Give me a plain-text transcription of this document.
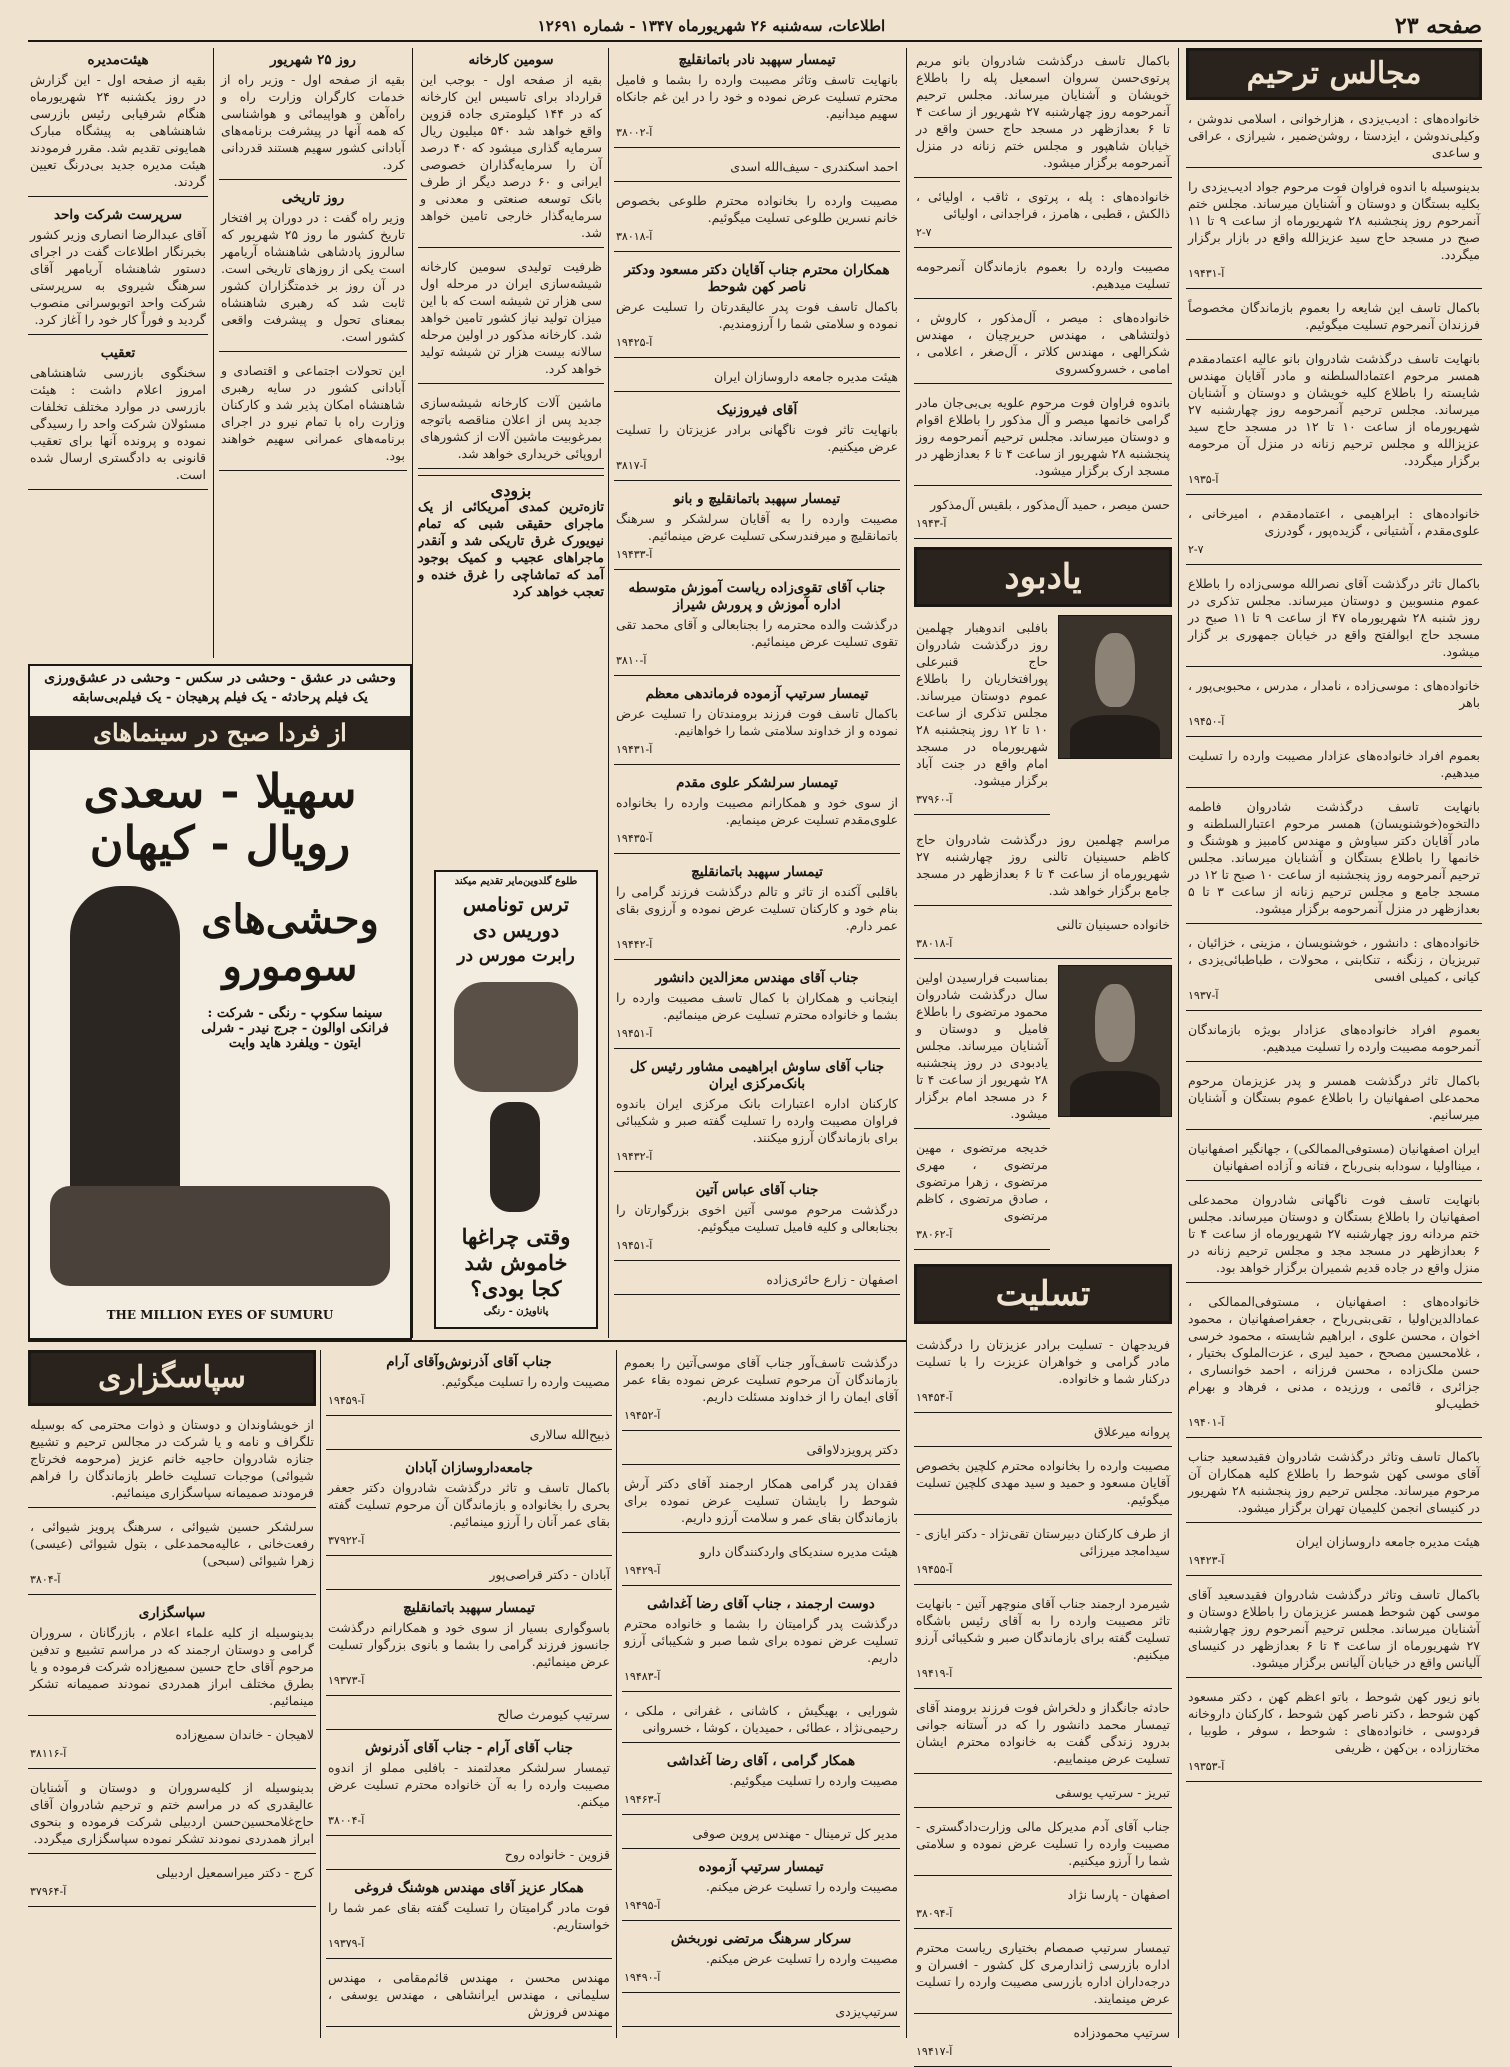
صفحه ۲۳
اطلاعات، سه‌شنبه ۲۶ شهریورماه ۱۳۴۷ - شماره ۱۲۶۹۱
مجالس ترحیم
خانواده‌های : ادیب‌یزدی ، هزارخوانی ، اسلامی ندوشن ، وکیلی‌ندوشن ، ایزدستا ، روشن‌ضمیر ، شیرازی ، عراقی و ساعدی
بدینوسیله با اندوه فراوان فوت مرحوم جواد ادیب‌یزدی را بکلیه بستگان و دوستان و آشنایان میرساند. مجلس ختم آنمرحوم روز پنجشنبه ۲۸ شهریورماه از ساعت ۹ تا ۱۱ صبح در مسجد حاج سید عزیزالله واقع در بازار برگزار میگردد.
آ-۱۹۴۳۱
باکمال تاسف این شایعه را بعموم بازماندگان مخصوصاً فرزندان آنمرحوم تسلیت میگوئیم.
بانهایت تاسف درگذشت شادروان بانو عالیه اعتمادمقدم همسر مرحوم اعتمادالسلطنه و مادر آقایان مهندس شایسته را باطلاع کلیه خویشان و دوستان و آشنایان میرساند. مجلس ترحیم آنمرحومه روز چهارشنبه ۲۷ شهریورماه از ساعت ۱۰ تا ۱۲ در مسجد حاج سید عزیزالله و مجلس ترحیم زنانه در منزل آن مرحومه برگزار میگردد.
آ-۱۹۳۵
خانواده‌های : ابراهیمی ، اعتمادمقدم ، امیرخانی ، علوی‌مقدم ، آشتیانی ، گزیده‌پور ، گودرزی
۲-۷
باکمال تاثر درگذشت آقای نصرالله موسی‌زاده را باطلاع عموم منسوبین و دوستان میرساند. مجلس تذکری در روز شنبه ۲۸ شهریورماه ۴۷ از ساعت ۹ تا ۱۱ صبح در مسجد حاج ابوالفتح واقع در خیابان جمهوری بر گزار میشود.
خانواده‌های : موسی‌زاده ، نامدار ، مدرس ، محبوبی‌پور ، باهر
آ-۱۹۴۵۰
بعموم افراد خانواده‌های عزادار مصیبت وارده را تسلیت میدهیم.
بانهایت تاسف درگذشت شادروان فاطمه دالتخوه(خوشنویسان) همسر مرحوم اعتبارالسلطنه و مادر آقایان دکتر سیاوش و مهندس کامبیز و هوشنگ و خانمها را باطلاع بستگان و آشنایان میرساند. مجلس ترحیم آنمرحومه روز پنجشنبه از ساعت ۱۰ صبح تا ۱۲ در مسجد جامع و مجلس ترحیم زنانه از ساعت ۳ تا ۵ بعدازظهر در منزل آنمرحومه برگزار میشود.
خانواده‌های : دانشور ، خوشنویسان ، مزینی ، خزائیان ، تبریزیان ، زنگنه ، تنکابنی ، محولات ، طباطبائی‌یزدی ، کیانی ، کمیلی افسی
آ-۱۹۳۷
بعموم افراد خانواده‌های عزادار بویژه بازماندگان آنمرحومه مصیبت وارده را تسلیت میدهیم.
باکمال تاثر درگذشت همسر و پدر عزیزمان مرحوم محمدعلی اصفهانیان را باطلاع عموم بستگان و آشنایان میرسانیم.
ایران اصفهانیان (مستوفی‌الممالکی) ، جهانگیر اصفهانیان ، مینااولیا ، سودابه بنی‌رباح ، فتانه و آزاده اصفهانیان
بانهایت تاسف فوت ناگهانی شادروان محمدعلی اصفهانیان را باطلاع بستگان و دوستان میرساند. مجلس ختم مردانه روز چهارشنبه ۲۷ شهریورماه از ساعت ۴ تا ۶ بعدازظهر در مسجد مجد و مجلس ترحیم زنانه در منزل واقع در جاده قدیم شمیران برگزار خواهد بود.
خانواده‌های : اصفهانیان ، مستوفی‌الممالکی ، عمادالدین‌اولیا ، تقی‌بنی‌رباح ، جعفراصفهانیان ، محمود اخوان ، محسن علوی ، ابراهیم شایسته ، محمود خرسی ، غلامحسین مصحح ، حمید لیری ، عزت‌الملوک بختیار ، حسن ملک‌زاده ، محسن فرزانه ، احمد خوانساری ، جزائری ، قائمی ، ورزیده ، مدنی ، فرهاد و بهرام خطیب‌لو
آ-۱۹۴۰۱
باکمال تاسف وتاثر درگذشت شادروان فقیدسعید جناب آقای موسی کهن شوحط را باطلاع کلیه همکاران آن مرحوم میرساند. مجلس ترحیم روز پنجشنبه ۲۸ شهریور در کنیسای انجمن کلیمیان تهران برگزار میشود.
هیئت مدیره جامعه داروسازان ایران
آ-۱۹۴۲۳
باکمال تاسف وتاثر درگذشت شادروان فقیدسعید آقای موسی کهن شوحط همسر عزیزمان را باطلاع دوستان و آشنایان میرساند. مجلس ترحیم آنمرحوم روز چهارشنبه ۲۷ شهریورماه از ساعت ۴ تا ۶ بعدازظهر در کنیسای آلیانس واقع در خیابان آلیانس برگزار میشود.
بانو زیور کهن شوحط ، باتو اعظم کهن ، دکتر مسعود کهن شوحط ، دکتر ناصر کهن شوحط ، کارکنان داروخانه فردوسی ، خانواده‌های : شوحط ، سوفر ، طوبیا ، مختارزاده ، بن‌کهن ، ظریفی
آ-۱۹۳۵۳
باکمال تاسف درگذشت شادروان بانو مریم پرتوی‌حسن سروان اسمعیل پله را باطلاع خویشان و آشنایان میرساند. مجلس ترحیم آنمرحومه روز چهارشنبه ۲۷ شهریور از ساعت ۴ تا ۶ بعدازظهر در مسجد حاج حسن واقع در خیابان شاهپور و مجلس ختم زنانه در منزل آنمرحومه برگزار میشود.
خانواده‌های : پله ، پرتوی ، ثاقب ، اولیائی ، ذالکش ، قطبی ، هامرز ، فراجدانی ، اولیائی
۲-۷
مصیبت وارده را بعموم بازماندگان آنمرحومه تسلیت میدهیم.
خانواده‌های : میصر ، آل‌مذکور ، کاروش ، ذولتشاهی ، مهندس حریرچیان ، مهندس شکرالهی ، مهندس کلاتر ، آل‌صغر ، اعلامی ، امامی ، خسروکسروی
باندوه فراوان فوت مرحوم علویه بی‌بی‌جان مادر گرامی خانمها میصر و آل مذکور را باطلاع اقوام و دوستان میرساند. مجلس ترحیم آنمرحومه روز پنجشنبه ۲۸ شهریور از ساعت ۴ تا ۶ بعدازظهر در مسجد ارک برگزار میشود.
حسن میصر ، حمید آل‌مذکور ، بلقیس آل‌مذکور
آ-۱۹۴۳
یادبود
بافلبی اندوهبار چهلمین روز درگذشت شادروان حاج قنبرعلی پورافتخاریان را باطلاع عموم دوستان میرساند. مجلس تذکری از ساعت ۱۰ تا ۱۲ روز پنجشنبه ۲۸ شهریورماه در مسجد امام واقع در جنت آباد برگزار میشود.
آ-۳۷۹۶۰
مراسم چهلمین روز درگذشت شادروان حاج کاظم حسینیان تالنی روز چهارشنبه ۲۷ شهریورماه از ساعت ۴ تا ۶ بعدازظهر در مسجد جامع برگزار خواهد شد.
خانواده حسینیان تالنی
آ-۳۸۰۱۸
بمناسبت فرارسیدن اولین سال درگذشت شادروان محمود مرتضوی را باطلاع فامیل و دوستان و آشنایان میرساند. مجلس یادبودی در روز پنجشنبه ۲۸ شهریور از ساعت ۴ تا ۶ در مسجد امام برگزار میشود.
خدیجه مرتضوی ، مهین مرتضوی ، مهری مرتضوی ، زهرا مرتضوی ، صادق مرتضوی ، کاظم مرتضوی
آ-۳۸۰۶۲
تسلیت
فریدجهان - تسلیت برادر عزیزتان را درگذشت مادر گرامی و خواهران عزیزت را با تسلیت درکنار شما و خانواده.
آ-۱۹۴۵۴
پروانه میرعلاق
مصیبت وارده را بخانواده محترم کلچین بخصوص آقایان مسعود و حمید و سید مهدی کلچین تسلیت میگوئیم.
از طرف کارکنان دبیرستان تقی‌نژاد - دکتر ایازی - سیدامجد میرزائی
آ-۱۹۴۵۵
شیرمرد ارجمند جناب آقای منوچهر آتین - بانهایت تاثر مصیبت وارده را به آقای رئیس باشگاه تسلیت گفته برای بازماندگان صبر و شکیبائی آرزو میکنیم.
آ-۱۹۴۱۹
حادثه جانگداز و دلخراش فوت فرزند برومند آقای تیمسار محمد دانشور را که در آستانه جوانی بدرود زندگی گفت به خانواده محترم ایشان تسلیت عرض مینماییم.
تبریز - سرتیپ یوسفی
جناب آقای آدم مدیرکل مالی وزارت‌دادگستری - مصیبت وارده را تسلیت عرض نموده و سلامتی شما را آرزو میکنیم.
اصفهان - پارسا نژاد
آ-۳۸۰۹۴
تیمسار سرتیپ صمصام بختیاری ریاست محترم اداره بازرسی ژاندارمری کل کشور - افسران و درجه‌داران اداره بازرسی مصیبت وارده را تسلیت عرض مینمایند.
سرتیپ محمودزاده
آ-۱۹۴۱۷
تیمسار سپهبد نادر باتمانقلیچ
بانهایت تاسف وتاثر مصیبت وارده را بشما و فامیل محترم تسلیت عرض نموده و خود را در این غم جانکاه سهیم میدانیم.
آ-۳۸۰۰۲
احمد اسکندری - سیف‌الله اسدی
مصیبت وارده را بخانواده محترم طلوعی بخصوص خانم نسرین طلوعی تسلیت میگوئیم.
آ-۳۸۰۱۸
همکاران محترم جناب آقایان دکتر مسعود ودکتر ناصر کهن شوحط
باکمال تاسف فوت پدر عالیقدرتان را تسلیت عرض نموده و سلامتی شما را آرزومندیم.
آ-۱۹۴۲۵
هیئت مدیره جامعه داروسازان ایران
آقای فیروزنیک
بانهایت تاثر فوت ناگهانی برادر عزیزتان را تسلیت عرض میکنیم.
آ-۳۸۱۷
تیمسار سپهبد باتمانقلیچ و بانو
مصیبت وارده را به آقایان سرلشکر و سرهنگ باتمانقلیچ و میرفندرسکی تسلیت عرض مینمائیم.
آ-۱۹۴۳۳
جناب آقای تقوی‌زاده ریاست آموزش متوسطه اداره آموزش و پرورش شیراز
درگذشت والده محترمه را بجنابعالی و آقای محمد تقی تقوی تسلیت عرض مینمائیم.
آ-۳۸۱۰
تیمسار سرتیپ آزموده فرماندهی معظم
باکمال تاسف فوت فرزند برومندتان را تسلیت عرض نموده و از خداوند سلامتی شما را خواهانیم.
آ-۱۹۴۳۱
تیمسار سرلشکر علوی مقدم
از سوی خود و همکارانم مصیبت وارده را بخانواده علوی‌مقدم تسلیت عرض مینمایم.
آ-۱۹۴۳۵
تیمسار سپهبد باتمانقلیچ
باقلبی آکنده از تاثر و تالم درگذشت فرزند گرامی را بنام خود و کارکنان تسلیت عرض نموده و آرزوی بقای عمر دارم.
آ-۱۹۴۴۲
جناب آقای مهندس معزالدین دانشور
اینجانب و همکاران با کمال تاسف مصیبت وارده را بشما و خانواده محترم تسلیت عرض مینمائیم.
آ-۱۹۴۵۱
جناب آقای ساوش ابراهیمی مشاور رئیس کل بانک‌مرکزی ایران
کارکنان اداره اعتبارات بانک مرکزی ایران باندوه فراوان مصیبت وارده را تسلیت گفته صبر و شکیبائی برای بازماندگان آرزو میکنند.
آ-۱۹۴۳۲
جناب آقای عباس آتین
درگذشت مرحوم موسی آتین اخوی بزرگوارتان را بجنابعالی و کلیه فامیل تسلیت میگوئیم.
آ-۱۹۴۵۱
اصفهان - زارع حائری‌زاده
سومین کارخانه
بقیه از صفحه اول - بوجب این قرارداد برای تاسیس این کارخانه که در ۱۴۴ کیلومتری جاده قزوین واقع خواهد شد ۵۴۰ میلیون ریال سرمایه گذاری میشود که ۴۰ درصد آن را سرمایه‌گذاران خصوصی ایرانی و ۶۰ درصد دیگر از طرف بانک توسعه صنعتی و معدنی و سرمایه‌گذار خارجی تامین خواهد شد.
ظرفیت تولیدی سومین کارخانه شیشه‌سازی ایران در مرحله اول سی هزار تن شیشه است که با این میزان تولید نیاز کشور تامین خواهد شد. کارخانه مذکور در اولین مرحله سالانه بیست هزار تن شیشه تولید خواهد کرد.
ماشین آلات کارخانه شیشه‌سازی جدید پس از اعلان مناقصه باتوجه بمرغوبیت ماشین آلات از کشورهای اروپائی خریداری خواهد شد.
بزودی
تازه‌ترین کمدی آمریکائی از یک ماجرای حقیقی شبی که تمام نیویورک غرق تاریکی شد و آنقدر ماجراهای عجیب و کمیک بوجود آمد که تماشاچی را غرق خنده و تعجب خواهد کرد
طلوع گلدوین‌مایر تقدیم میکند
ترس تونامس
دوریس دی
رابرت مورس در
وقتی چراغها
خاموش شد
کجا بودی؟
پاناویژن - رنگی
روز ۲۵ شهریور
بقیه از صفحه اول - وزیر راه از خدمات کارگران وزارت راه و راه‌آهن و هواپیمائی و هواشناسی که همه آنها در پیشرفت برنامه‌های آبادانی کشور سهیم هستند قدردانی کرد.
روز تاریخی
وزیر راه گفت : در دوران پر افتخار تاریخ کشور ما روز ۲۵ شهریور که سالروز پادشاهی شاهنشاه آریامهر است یکی از روزهای تاریخی است. در آن روز بر خدمتگزاران کشور ثابت شد که رهبری شاهنشاه بمعنای تحول و پیشرفت واقعی کشور است.
این تحولات اجتماعی و اقتصادی و آبادانی کشور در سایه رهبری شاهنشاه امکان پذیر شد و کارکنان وزارت راه با تمام نیرو در اجرای برنامه‌های عمرانی سهیم خواهند بود.
هیئت‌مدیره
بقیه از صفحه اول - این گزارش در روز یکشنبه ۲۴ شهریورماه هنگام شرفیابی رئیس بازرسی شاهنشاهی به پیشگاه مبارک همایونی تقدیم شد. مقرر فرمودند هیئت مدیره جدید بی‌درنگ تعیین گردند.
سرپرست شرکت واحد
آقای عبدالرضا انصاری وزیر کشور بخبرنگار اطلاعات گفت در اجرای دستور شاهنشاه آریامهر آقای سرهنگ شیروی به سرپرستی شرکت واحد اتوبوسرانی منصوب گردید و فوراً کار خود را آغاز کرد.
تعقیب
سخنگوی بازرسی شاهنشاهی امروز اعلام داشت : هیئت بازرسی در موارد مختلف تخلفات مسئولان شرکت واحد را رسیدگی نموده و پرونده آنها برای تعقیب قانونی به دادگستری ارسال شده است.
وحشی در عشق - وحشی در سکس - وحشی در عشق‌ورزی
یک فیلم پرحادثه - یک فیلم پرهیجان - یک فیلم‌بی‌سابقه
از فردا صبح در سینماهای
سهیلا - سعدی
رویال - کیهان
وحشی‌های سومورو
سینما سکوپ - رنگی - شرکت : فرانکی اوالون - جرج نیدر - شرلی ایتون - ویلفرد هاید وایت
THE MILLION EYES OF SUMURU
سپاسگزاری
از خویشاوندان و دوستان و ذوات محترمی که بوسیله تلگراف و نامه و یا شرکت در مجالس ترحیم و تشییع جنازه شادروان حاجیه خانم عزیز (مرحومه فخرتاج شیوائی) موجبات تسلیت خاطر بازماندگان را فراهم فرمودند صمیمانه سپاسگزاری مینمائیم.
سرلشکر حسین شیوائی ، سرهنگ پرویز شیوائی ، رفعت‌خانی ، عالیه‌محمدعلی ، بتول شیوائی (عیسی) زهرا شیوائی (سبحی)
آ-۳۸۰۴
سپاسگزاری
بدینوسیله از کلیه علماء اعلام ، بازرگانان ، سروران گرامی و دوستان ارجمند که در مراسم تشییع و تدفین مرحوم آقای حاج حسین سمیع‌زاده شرکت فرموده و یا بطرق مختلف ابراز همدردی نمودند صمیمانه تشکر مینمائیم.
لاهیجان - خاندان سمیع‌زاده
آ-۳۸۱۱۶
بدینوسیله از کلیه‌سروران و دوستان و آشنایان عالیقدری که در مراسم ختم و ترحیم شادروان آقای حاج‌غلامحسین‌حسن اردبیلی شرکت فرموده و بنحوی ابراز همدردی نمودند تشکر نموده سپاسگزاری میگردد.
کرج - دکتر میراسمعیل اردبیلی
آ-۳۷۹۶۴
جناب آقای آذرنوش‌وآقای آرام
مصیبت وارده را تسلیت میگوئیم.
آ-۱۹۴۵۹
ذبیح‌الله سالاری
جامعه‌داروسازان آبادان
باکمال تاسف و تاثر درگذشت شادروان دکتر جعفر بحری را بخانواده و بازماندگان آن مرحوم تسلیت گفته بقای عمر آنان را آرزو مینمائیم.
آ-۳۷۹۲۲
آبادان - دکتر قراصی‌پور
تیمسار سپهبد باتمانقلیچ
باسوگواری بسیار از سوی خود و همکارانم درگذشت جانسوز فرزند گرامی را بشما و بانوی بزرگوار تسلیت عرض مینمائیم.
آ-۱۹۳۷۳
سرتیپ کیومرث صالح
جناب آقای آرام - جناب آقای آذرنوش
تیمسار سرلشکر معدلتمند - بافلبی مملو از اندوه مصیبت وارده را به آن خانواده محترم تسلیت عرض میکنم.
آ-۳۸۰۰۴
قزوین - خانواده روح
همکار عزیز آقای مهندس هوشنگ فروغی
فوت مادر گرامیتان را تسلیت گفته بقای عمر شما را خواستاریم.
آ-۱۹۳۷۹
مهندس محسن ، مهندس قائم‌مقامی ، مهندس سلیمانی ، مهندس ایرانشاهی ، مهندس یوسفی ، مهندس فروزش
درگذشت تاسف‌آور جناب آقای موسی‌آتین را بعموم بازماندگان آن مرحوم تسلیت عرض نموده بقاء عمر آقای ایمان را از خداوند مسئلت داریم.
آ-۱۹۴۵۲
دکتر پرویزدلاواقی
فقدان پدر گرامی همکار ارجمند آقای دکتر آرش شوحط را بایشان تسلیت عرض نموده برای بازماندگان بقای عمر و سلامت آرزو داریم.
هیئت مدیره سندیکای واردکنندگان دارو
آ-۱۹۴۲۹
دوست ارجمند ، جناب آقای رضا آغداشی
درگذشت پدر گرامیتان را بشما و خانواده محترم تسلیت عرض نموده برای شما صبر و شکیبائی آرزو داریم.
آ-۱۹۴۸۳
شورایی ، بهیگیش ، کاشانی ، غفرانی ، ملکی ، رحیمی‌نژاد ، عطائی ، حمیدیان ، کوشا ، خسروانی
همکار گرامی ، آقای رضا آغداشی
مصیبت وارده را تسلیت میگوئیم.
آ-۱۹۴۶۳
مدیر کل ترمینال - مهندس پروین صوفی
تیمسار سرتیپ آزموده
مصیبت وارده را تسلیت عرض میکنم.
آ-۱۹۴۹۵
سرکار سرهنگ مرتضی نوربخش
مصیبت وارده را تسلیت عرض میکنم.
آ-۱۹۴۹۰
سرتیپ‌یزدی
